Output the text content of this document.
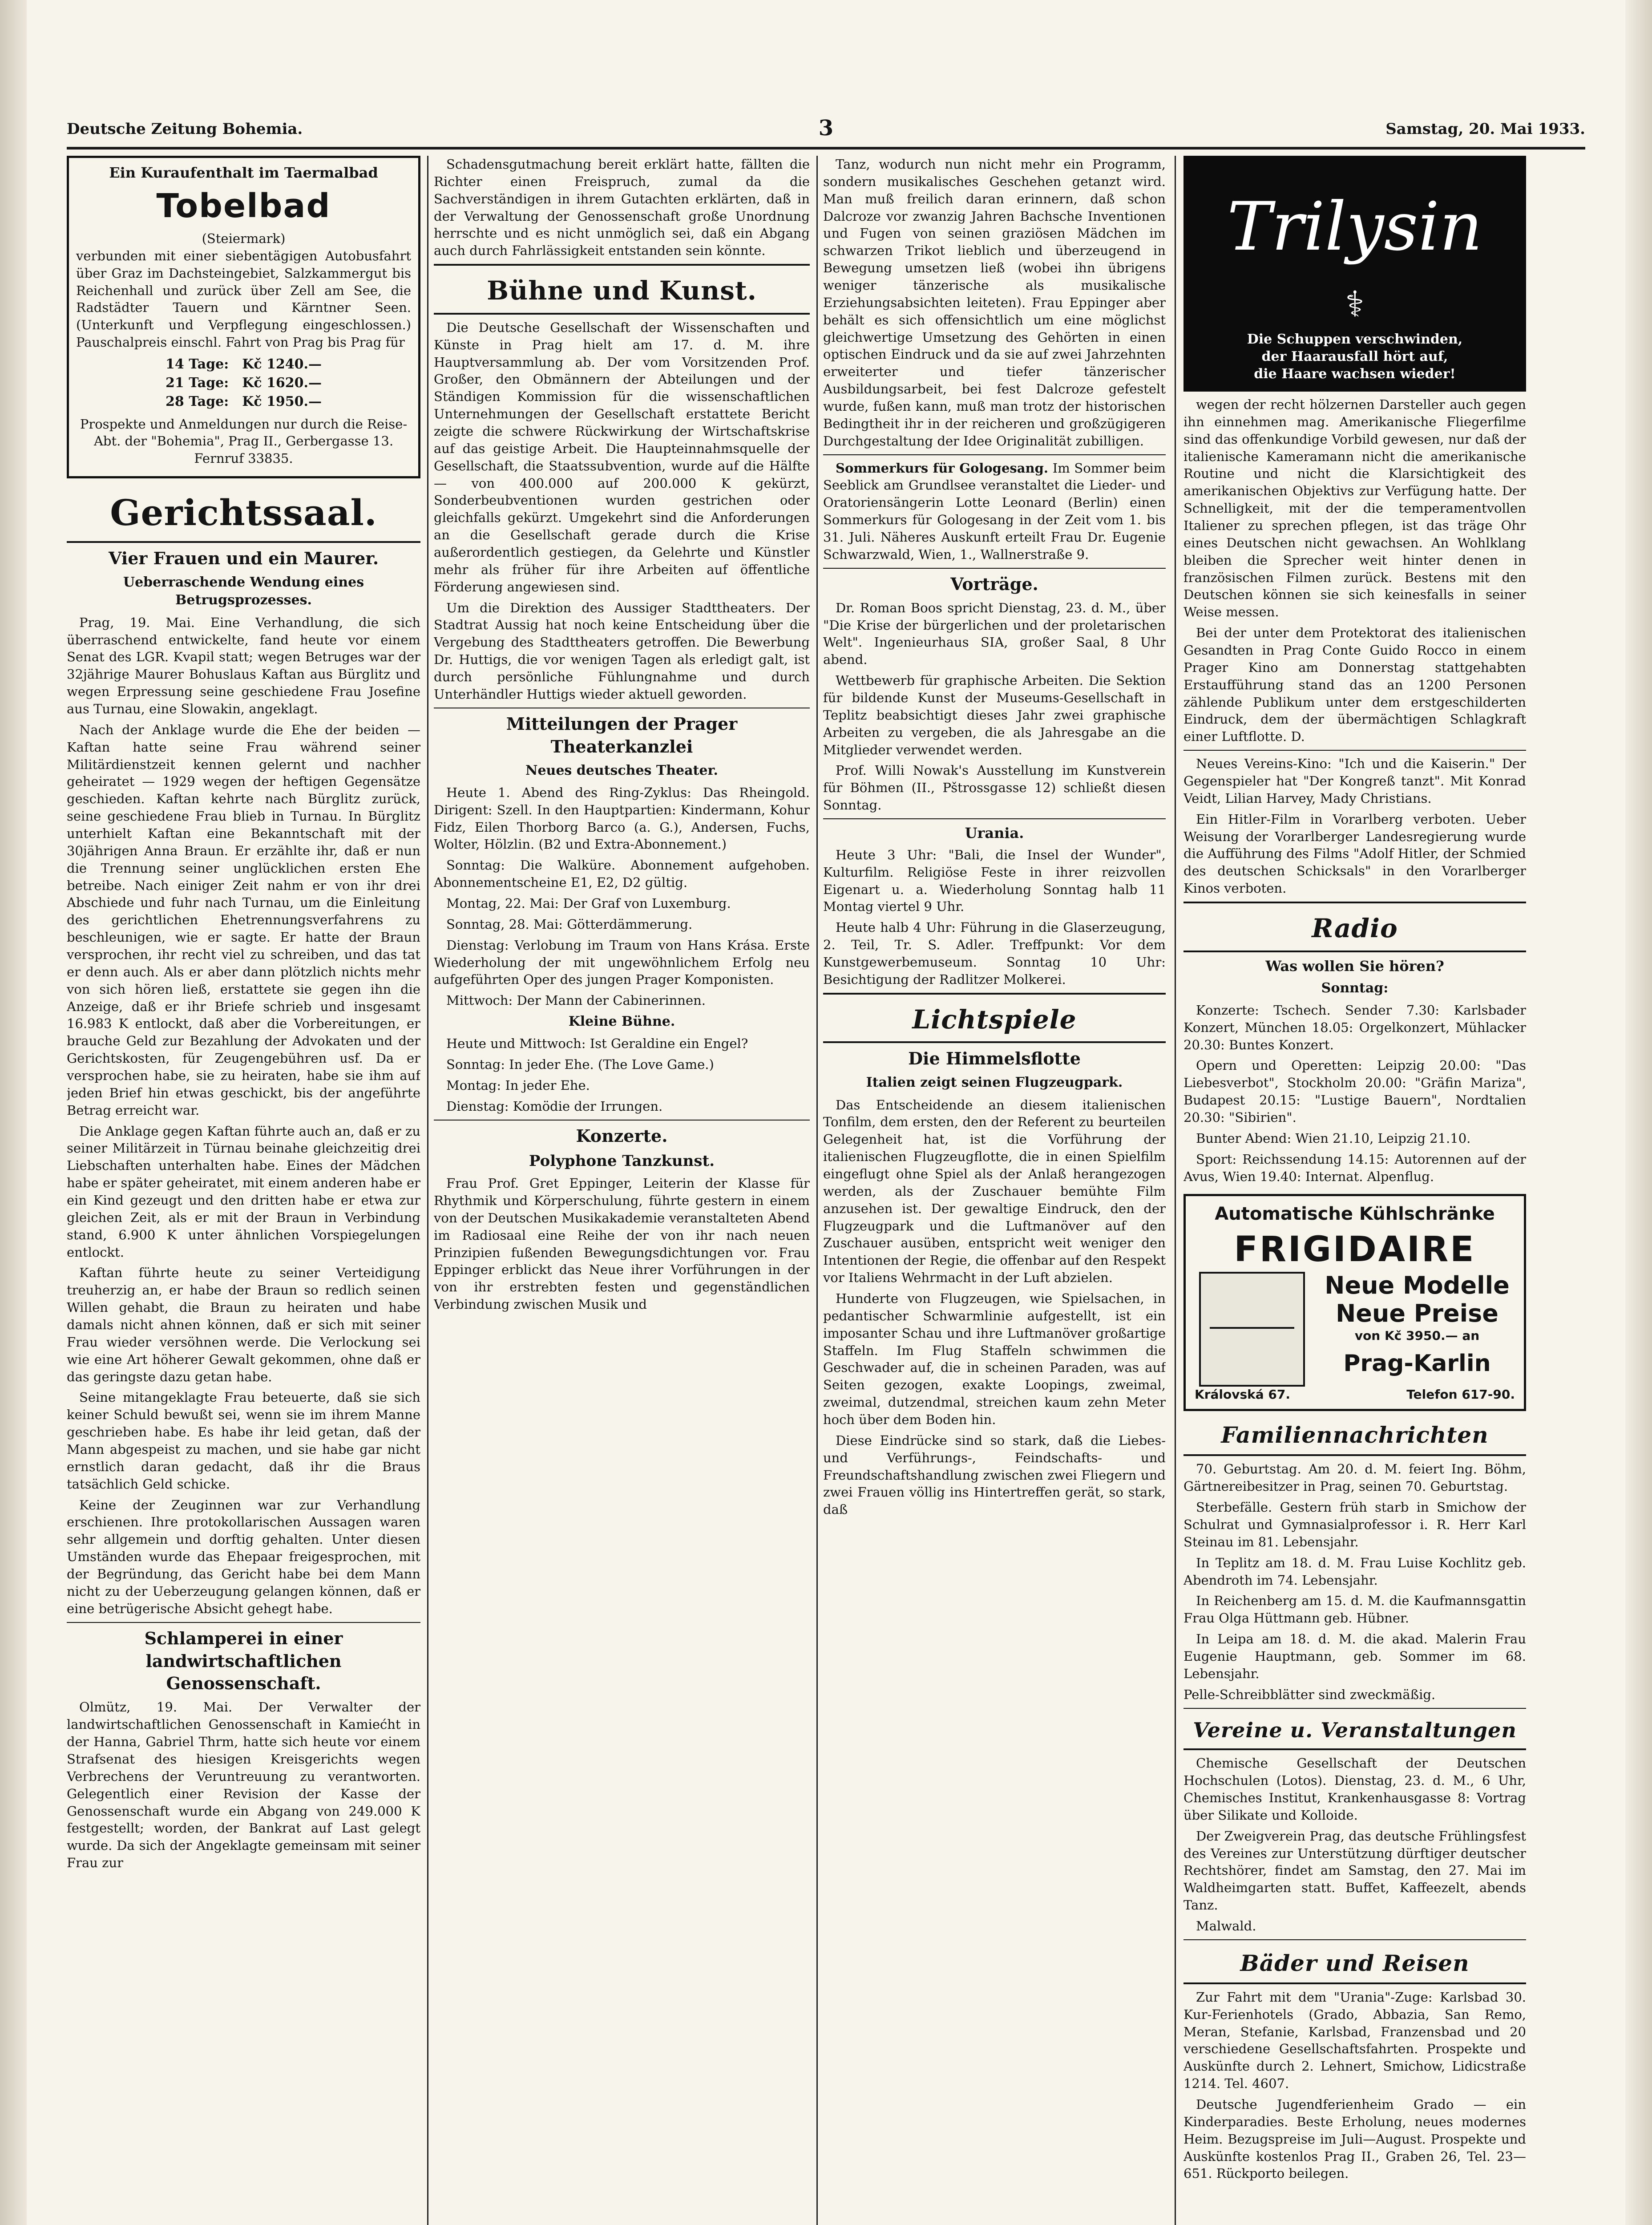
Deutsche Zeitung Bohemia.	3	Samstag, 20. Mai 1933.
Ein Kuraufenthalt im Taermalbad
Tobelbad
(Steiermark)

verbunden mit einer siebentägigen Autobusfahrt über Graz im Dachsteingebiet, Salzkammergut bis Reichenhall und zurück über Zell am See, die Radstädter Tauern und Kärntner Seen. (Unterkunft und Verpflegung eingeschlossen.) Pauschalpreis einschl. Fahrt von Prag bis Prag für

14 Tage:	Kč 1240.—
21 Tage:	Kč 1620.—
28 Tage:	Kč 1950.—

Prospekte und Anmeldungen nur durch die Reise-Abt. der "Bohemia", Prag II., Gerbergasse 13. Fernruf 33835.

Gerichtssaal.
Vier Frauen und ein Maurer.
Ueberraschende Wendung eines Betrugsprozesses.

Prag, 19. Mai. Eine Verhandlung, die sich überraschend entwickelte, fand heute vor einem Senat des LGR. Kvapil statt; wegen Betruges war der 32jährige Maurer Bohuslaus Kaftan aus Bürglitz und wegen Erpressung seine geschiedene Frau Josefine aus Turnau, eine Slowakin, angeklagt.

Nach der Anklage wurde die Ehe der beiden — Kaftan hatte seine Frau während seiner Militärdienstzeit kennen gelernt und nachher geheiratet — 1929 wegen der heftigen Gegensätze geschieden. Kaftan kehrte nach Bürglitz zurück, seine geschiedene Frau blieb in Turnau. In Bürglitz unterhielt Kaftan eine Bekanntschaft mit der 30jährigen Anna Braun. Er erzählte ihr, daß er nun die Trennung seiner unglücklichen ersten Ehe betreibe. Nach einiger Zeit nahm er von ihr drei Abschiede und fuhr nach Turnau, um die Einleitung des gerichtlichen Ehetrennungsverfahrens zu beschleunigen, wie er sagte. Er hatte der Braun versprochen, ihr recht viel zu schreiben, und das tat er denn auch. Als er aber dann plötzlich nichts mehr von sich hören ließ, erstattete sie gegen ihn die Anzeige, daß er ihr Briefe schrieb und insgesamt 16.983 K entlockt, daß aber die Vorbereitungen, er brauche Geld zur Bezahlung der Advokaten und der Gerichtskosten, für Zeugengebühren usf. Da er versprochen habe, sie zu heiraten, habe sie ihm auf jeden Brief hin etwas geschickt, bis der angeführte Betrag erreicht war.

Die Anklage gegen Kaftan führte auch an, daß er zu seiner Militärzeit in Türnau beinahe gleichzeitig drei Liebschaften unterhalten habe. Eines der Mädchen habe er später geheiratet, mit einem anderen habe er ein Kind gezeugt und den dritten habe er etwa zur gleichen Zeit, als er mit der Braun in Verbindung stand, 6.900 K unter ähnlichen Vorspiegelungen entlockt.

Kaftan führte heute zu seiner Verteidigung treuherzig an, er habe der Braun so redlich seinen Willen gehabt, die Braun zu heiraten und habe damals nicht ahnen können, daß er sich mit seiner Frau wieder versöhnen werde. Die Verlockung sei wie eine Art höherer Gewalt gekommen, ohne daß er das geringste dazu getan habe.

Seine mitangeklagte Frau beteuerte, daß sie sich keiner Schuld bewußt sei, wenn sie im ihrem Manne geschrieben habe. Es habe ihr leid getan, daß der Mann abgespeist zu machen, und sie habe gar nicht ernstlich daran gedacht, daß ihr die Braus tatsächlich Geld schicke.

Keine der Zeuginnen war zur Verhandlung erschienen. Ihre protokollarischen Aussagen waren sehr allgemein und dorftig gehalten. Unter diesen Umständen wurde das Ehepaar freigesprochen, mit der Begründung, das Gericht habe bei dem Mann nicht zu der Ueberzeugung gelangen können, daß er eine betrügerische Absicht gehegt habe.

Schlamperei in einer landwirtschaftlichen Genossenschaft.

Olmütz, 19. Mai. Der Verwalter der landwirtschaftlichen Genossenschaft in Kamiećht in der Hanna, Gabriel Thrm, hatte sich heute vor einem Strafsenat des hiesigen Kreisgerichts wegen Verbrechens der Veruntreuung zu verantworten. Gelegentlich einer Revision der Kasse der Genossenschaft wurde ein Abgang von 249.000 K festgestellt; worden, der Bankrat auf Last gelegt wurde. Da sich der Angeklagte gemeinsam mit seiner Frau zur

Schadensgutmachung bereit erklärt hatte, fällten die Richter einen Freispruch, zumal da die Sachverständigen in ihrem Gutachten erklärten, daß in der Verwaltung der Genossenschaft große Unordnung herrschte und es nicht unmöglich sei, daß ein Abgang auch durch Fahrlässigkeit entstanden sein könnte.

Bühne und Kunst.

Die Deutsche Gesellschaft der Wissenschaften und Künste in Prag hielt am 17. d. M. ihre Hauptversammlung ab. Der vom Vorsitzenden Prof. Großer, den Obmännern der Abteilungen und der Ständigen Kommission für die wissenschaftlichen Unternehmungen der Gesellschaft erstattete Bericht zeigte die schwere Rückwirkung der Wirtschaftskrise auf das geistige Arbeit. Die Haupteinnahmsquelle der Gesellschaft, die Staatssubvention, wurde auf die Hälfte — von 400.000 auf 200.000 K gekürzt, Sonderbeubventionen wurden gestrichen oder gleichfalls gekürzt. Umgekehrt sind die Anforderungen an die Gesellschaft gerade durch die Krise außerordentlich gestiegen, da Gelehrte und Künstler mehr als früher für ihre Arbeiten auf öffentliche Förderung angewiesen sind.

Um die Direktion des Aussiger Stadttheaters. Der Stadtrat Aussig hat noch keine Entscheidung über die Vergebung des Stadttheaters getroffen. Die Bewerbung Dr. Huttigs, die vor wenigen Tagen als erledigt galt, ist durch persönliche Fühlungnahme und durch Unterhändler Huttigs wieder aktuell geworden.

Mitteilungen der Prager Theaterkanzlei
Neues deutsches Theater.

Heute 1. Abend des Ring-Zyklus: Das Rheingold. Dirigent: Szell. In den Hauptpartien: Kindermann, Kohur Fidz, Eilen Thorborg Barco (a. G.), Andersen, Fuchs, Wolter, Hölzlin. (B2 und Extra-Abonnement.)

Sonntag: Die Walküre. Abonnement aufgehoben. Abonnementscheine E1, E2, D2 gültig.

Montag, 22. Mai: Der Graf von Luxemburg.

Sonntag, 28. Mai: Götterdämmerung.

Dienstag: Verlobung im Traum von Hans Krása. Erste Wiederholung der mit ungewöhnlichem Erfolg neu aufgeführten Oper des jungen Prager Komponisten.

Mittwoch: Der Mann der Cabinerinnen.

Kleine Bühne.

Heute und Mittwoch: Ist Geraldine ein Engel?

Sonntag: In jeder Ehe. (The Love Game.)

Montag: In jeder Ehe.

Dienstag: Komödie der Irrungen.

Konzerte.
Polyphone Tanzkunst.

Frau Prof. Gret Eppinger, Leiterin der Klasse für Rhythmik und Körperschulung, führte gestern in einem von der Deutschen Musikakademie veranstalteten Abend im Radiosaal eine Reihe der von ihr nach neuen Prinzipien fußenden Bewegungsdichtungen vor. Frau Eppinger erblickt das Neue ihrer Vorführungen in der von ihr erstrebten festen und gegenständlichen Verbindung zwischen Musik und

Tanz, wodurch nun nicht mehr ein Programm, sondern musikalisches Geschehen getanzt wird. Man muß freilich daran erinnern, daß schon Dalcroze vor zwanzig Jahren Bachsche Inventionen und Fugen von seinen graziösen Mädchen im schwarzen Trikot lieblich und überzeugend in Bewegung umsetzen ließ (wobei ihn übrigens weniger tänzerische als musikalische Erziehungsabsichten leiteten). Frau Eppinger aber behält es sich offensichtlich um eine möglichst gleichwertige Umsetzung des Gehörten in einen optischen Eindruck und da sie auf zwei Jahrzehnten erweiterter und tiefer tänzerischer Ausbildungsarbeit, bei fest Dalcroze gefestelt wurde, fußen kann, muß man trotz der historischen Bedingtheit ihr in der reicheren und großzügigeren Durchgestaltung der Idee Originalität zubilligen.

Sommerkurs für Gologesang. Im Sommer beim Seeblick am Grundlsee veranstaltet die Lieder- und Oratoriensängerin Lotte Leonard (Berlin) einen Sommerkurs für Gologesang in der Zeit vom 1. bis 31. Juli. Näheres Auskunft erteilt Frau Dr. Eugenie Schwarzwald, Wien, 1., Wallnerstraße 9.

Vorträge.

Dr. Roman Boos spricht Dienstag, 23. d. M., über "Die Krise der bürgerlichen und der proletarischen Welt". Ingenieurhaus SIA, großer Saal, 8 Uhr abend.

Wettbewerb für graphische Arbeiten. Die Sektion für bildende Kunst der Museums-Gesellschaft in Teplitz beabsichtigt dieses Jahr zwei graphische Arbeiten zu vergeben, die als Jahresgabe an die Mitglieder verwendet werden.

Prof. Willi Nowak's Ausstellung im Kunstverein für Böhmen (II., Pštrossgasse 12) schließt diesen Sonntag.

Urania.

Heute 3 Uhr: "Bali, die Insel der Wunder", Kulturfilm. Religiöse Feste in ihrer reizvollen Eigenart u. a. Wiederholung Sonntag halb 11 Montag viertel 9 Uhr.

Heute halb 4 Uhr: Führung in die Glaserzeugung, 2. Teil, Tr. S. Adler. Treffpunkt: Vor dem Kunstgewerbemuseum. Sonntag 10 Uhr: Besichtigung der Radlitzer Molkerei.

Lichtspiele
Die Himmelsflotte
Italien zeigt seinen Flugzeugpark.

Das Entscheidende an diesem italienischen Tonfilm, dem ersten, den der Referent zu beurteilen Gelegenheit hat, ist die Vorführung der italienischen Flugzeugflotte, die in einen Spielfilm eingeflugt ohne Spiel als der Anlaß herangezogen werden, als der Zuschauer bemühte Film anzusehen ist. Der gewaltige Eindruck, den der Flugzeugpark und die Luftmanöver auf den Zuschauer ausüben, entspricht weit weniger den Intentionen der Regie, die offenbar auf den Respekt vor Italiens Wehrmacht in der Luft abzielen.

Hunderte von Flugzeugen, wie Spielsachen, in pedantischer Schwarmlinie aufgestellt, ist ein imposanter Schau und ihre Luftmanöver großartige Staffeln. Im Flug Staffeln schwimmen die Geschwader auf, die in scheinen Paraden, was auf Seiten gezogen, exakte Loopings, zweimal, zweimal, dutzendmal, streichen kaum zehn Meter hoch über dem Boden hin.

Diese Eindrücke sind so stark, daß die Liebes- und Verführungs-, Feindschafts- und Freundschaftshandlung zwischen zwei Fliegern und zwei Frauen völlig ins Hintertreffen gerät, so stark, daß

Trilysin
⚕
Die Schuppen verschwinden,
der Haarausfall hört auf,
die Haare wachsen wieder!

wegen der recht hölzernen Darsteller auch gegen ihn einnehmen mag. Amerikanische Fliegerfilme sind das offenkundige Vorbild gewesen, nur daß der italienische Kameramann nicht die amerikanische Routine und nicht die Klarsichtigkeit des amerikanischen Objektivs zur Verfügung hatte. Der Schnelligkeit, mit der die temperamentvollen Italiener zu sprechen pflegen, ist das träge Ohr eines Deutschen nicht gewachsen. An Wohlklang bleiben die Sprecher weit hinter denen in französischen Filmen zurück. Bestens mit den Deutschen können sie sich keinesfalls in seiner Weise messen.

Bei der unter dem Protektorat des italienischen Gesandten in Prag Conte Guido Rocco in einem Prager Kino am Donnerstag stattgehabten Erstaufführung stand das an 1200 Personen zählende Publikum unter dem erstgeschilderten Eindruck, dem der übermächtigen Schlagkraft einer Luftflotte. D.

Neues Vereins-Kino: "Ich und die Kaiserin." Der Gegenspieler hat "Der Kongreß tanzt". Mit Konrad Veidt, Lilian Harvey, Mady Christians.

Ein Hitler-Film in Vorarlberg verboten. Ueber Weisung der Vorarlberger Landesregierung wurde die Aufführung des Films "Adolf Hitler, der Schmied des deutschen Schicksals" in den Vorarlberger Kinos verboten.

Radio
Was wollen Sie hören?
Sonntag:

Konzerte: Tschech. Sender 7.30: Karlsbader Konzert, München 18.05: Orgelkonzert, Mühlacker 20.30: Buntes Konzert.

Opern und Operetten: Leipzig 20.00: "Das Liebesverbot", Stockholm 20.00: "Gräfin Mariza", Budapest 20.15: "Lustige Bauern", Nordtalien 20.30: "Sibirien".

Bunter Abend: Wien 21.10, Leipzig 21.10.

Sport: Reichssendung 14.15: Autorennen auf der Avus, Wien 19.40: Internat. Alpenflug.

Automatische Kühlschränke
FRIGIDAIRE
Neue Modelle
Neue Preise
von Kč 3950.— an
Prag-Karlin
Královská 67.	Telefon 617-90.
Familiennachrichten

70. Geburtstag. Am 20. d. M. feiert Ing. Böhm, Gärtnereibesitzer in Prag, seinen 70. Geburtstag.

Sterbefälle. Gestern früh starb in Smichow der Schulrat und Gymnasialprofessor i. R. Herr Karl Steinau im 81. Lebensjahr.

In Teplitz am 18. d. M. Frau Luise Kochlitz geb. Abendroth im 74. Lebensjahr.

In Reichenberg am 15. d. M. die Kaufmannsgattin Frau Olga Hüttmann geb. Hübner.

In Leipa am 18. d. M. die akad. Malerin Frau Eugenie Hauptmann, geb. Sommer im 68. Lebensjahr.

Pelle-Schreibblätter sind zweckmäßig.

Vereine u. Veranstaltungen

Chemische Gesellschaft der Deutschen Hochschulen (Lotos). Dienstag, 23. d. M., 6 Uhr, Chemisches Institut, Krankenhausgasse 8: Vortrag über Silikate und Kolloide.

Der Zweigverein Prag, das deutsche Frühlingsfest des Vereines zur Unterstützung dürftiger deutscher Rechtshörer, findet am Samstag, den 27. Mai im Waldheimgarten statt. Buffet, Kaffeezelt, abends Tanz.

Malwald.

Bäder und Reisen

Zur Fahrt mit dem "Urania"-Zuge: Karlsbad 30. Kur-Ferienhotels (Grado, Abbazia, San Remo, Meran, Stefanie, Karlsbad, Franzensbad und 20 verschiedene Gesellschaftsfahrten. Prospekte und Auskünfte durch 2. Lehnert, Smichow, Lidicstraße 1214. Tel. 4607.

Deutsche Jugendferienheim Grado — ein Kinderparadies. Beste Erholung, neues modernes Heim. Bezugspreise im Juli—August. Prospekte und Auskünfte kostenlos Prag II., Graben 26, Tel. 23—651. Rückporto beilegen.
